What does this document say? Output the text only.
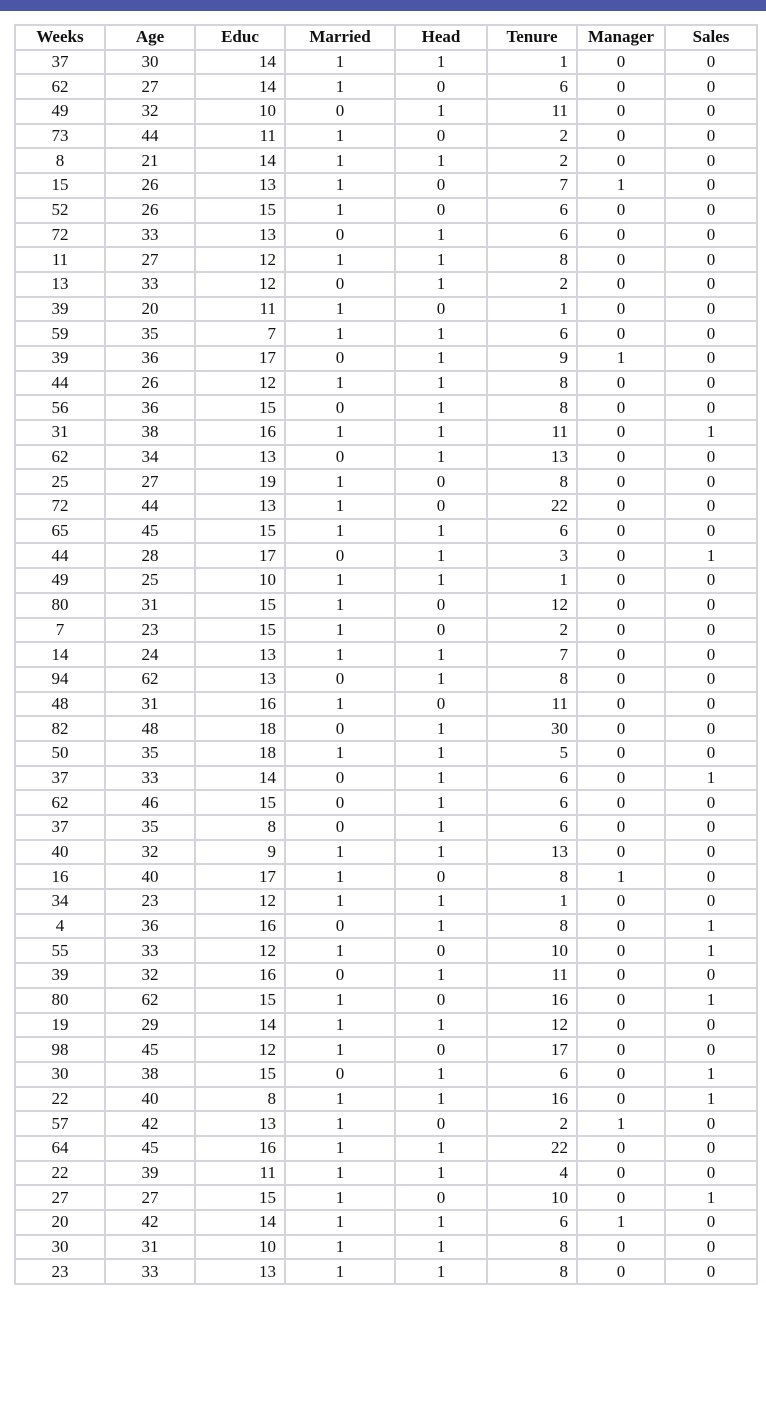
Weeks	Age	Educ	Married	Head	Tenure	Manager	Sales
37	30	14	1	1	1	0	0
62	27	14	1	0	6	0	0
49	32	10	0	1	11	0	0
73	44	11	1	0	2	0	0
8	21	14	1	1	2	0	0
15	26	13	1	0	7	1	0
52	26	15	1	0	6	0	0
72	33	13	0	1	6	0	0
11	27	12	1	1	8	0	0
13	33	12	0	1	2	0	0
39	20	11	1	0	1	0	0
59	35	7	1	1	6	0	0
39	36	17	0	1	9	1	0
44	26	12	1	1	8	0	0
56	36	15	0	1	8	0	0
31	38	16	1	1	11	0	1
62	34	13	0	1	13	0	0
25	27	19	1	0	8	0	0
72	44	13	1	0	22	0	0
65	45	15	1	1	6	0	0
44	28	17	0	1	3	0	1
49	25	10	1	1	1	0	0
80	31	15	1	0	12	0	0
7	23	15	1	0	2	0	0
14	24	13	1	1	7	0	0
94	62	13	0	1	8	0	0
48	31	16	1	0	11	0	0
82	48	18	0	1	30	0	0
50	35	18	1	1	5	0	0
37	33	14	0	1	6	0	1
62	46	15	0	1	6	0	0
37	35	8	0	1	6	0	0
40	32	9	1	1	13	0	0
16	40	17	1	0	8	1	0
34	23	12	1	1	1	0	0
4	36	16	0	1	8	0	1
55	33	12	1	0	10	0	1
39	32	16	0	1	11	0	0
80	62	15	1	0	16	0	1
19	29	14	1	1	12	0	0
98	45	12	1	0	17	0	0
30	38	15	0	1	6	0	1
22	40	8	1	1	16	0	1
57	42	13	1	0	2	1	0
64	45	16	1	1	22	0	0
22	39	11	1	1	4	0	0
27	27	15	1	0	10	0	1
20	42	14	1	1	6	1	0
30	31	10	1	1	8	0	0
23	33	13	1	1	8	0	0
